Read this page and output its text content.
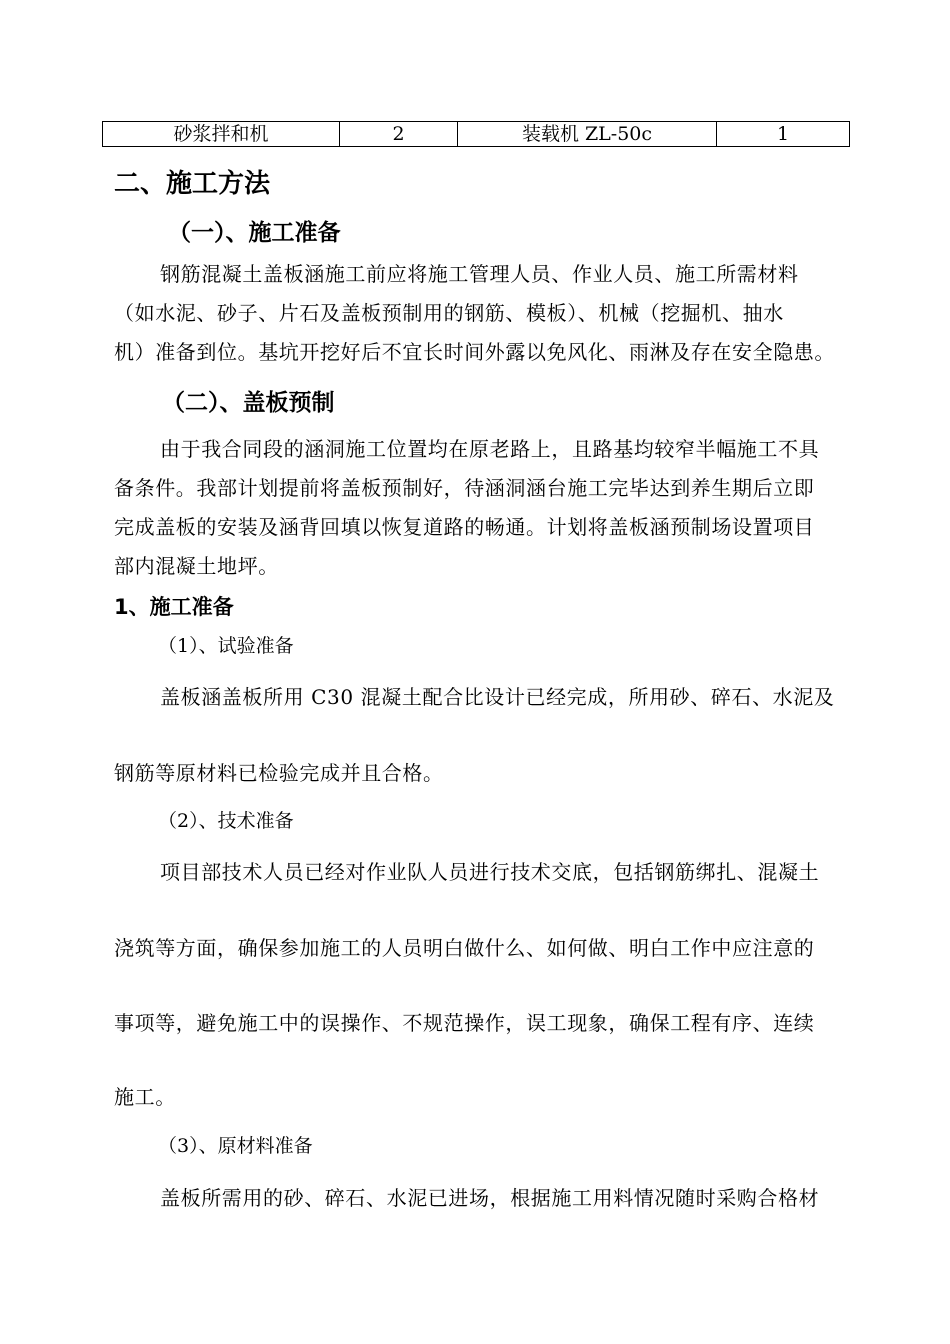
砂浆拌和机	2	装载机 ZL-50c	1
二、施工方法
（一）、施工准备
钢筋混凝土盖板涵施工前应将施工管理人员、作业人员、施工所需材料
（如水泥、砂子、片石及盖板预制用的钢筋、模板）、机械（挖掘机、抽水
机）准备到位。基坑开挖好后不宜长时间外露以免风化、雨淋及存在安全隐患。
（二）、盖板预制
由于我合同段的涵洞施工位置均在原老路上，且路基均较窄半幅施工不具
备条件。我部计划提前将盖板预制好，待涵洞涵台施工完毕达到养生期后立即
完成盖板的安装及涵背回填以恢复道路的畅通。计划将盖板涵预制场设置项目
部内混凝土地坪。
1、施工准备
（1）、试验准备
盖板涵盖板所用 C30 混凝土配合比设计已经完成，所用砂、碎石、水泥及
钢筋等原材料已检验完成并且合格。
（2）、技术准备
项目部技术人员已经对作业队人员进行技术交底，包括钢筋绑扎、混凝土
浇筑等方面，确保参加施工的人员明白做什么、如何做、明白工作中应注意的
事项等，避免施工中的误操作、不规范操作，误工现象，确保工程有序、连续
施工。
（3）、原材料准备
盖板所需用的砂、碎石、水泥已进场，根据施工用料情况随时采购合格材
